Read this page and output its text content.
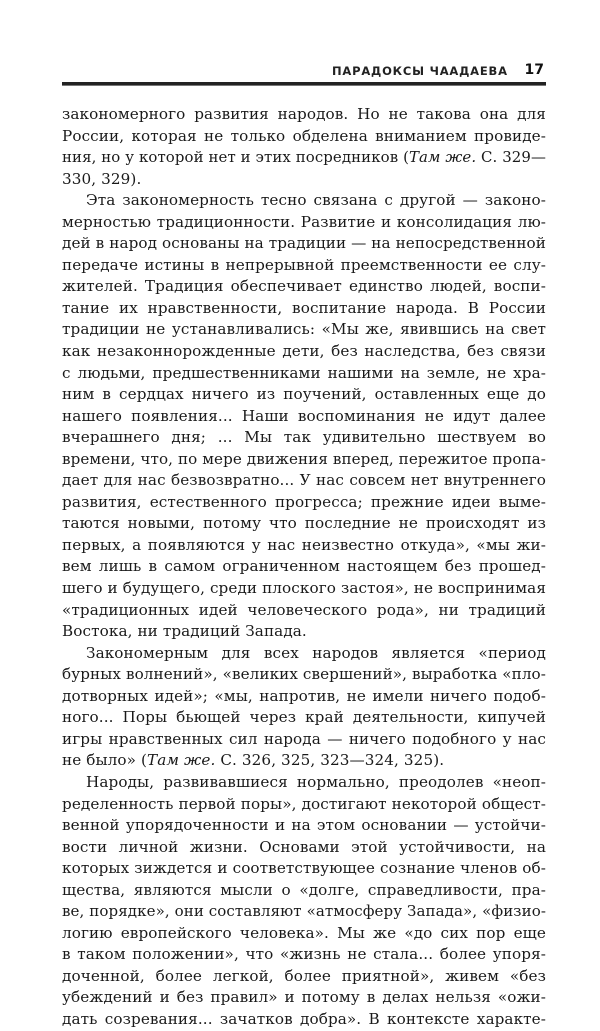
ПАРАДОКСЫ ЧААДАЕВА 17
закономерного развития народов. Но не такова она для
России, которая не только обделена вниманием провиде-
ния, но у которой нет и этих посредников (Там же. С. 329—
330, 329).
Эта закономерность тесно связана с другой — законо-
мерностью традиционности. Развитие и консолидация лю-
дей в народ основаны на традиции — на непосредственной
передаче истины в непрерывной преемственности ее слу-
жителей. Традиция обеспечивает единство людей, воспи-
тание их нравственности, воспитание народа. В России
традиции не устанавливались: «Мы же, явившись на свет
как незаконнорожденные дети, без наследства, без связи
с людьми, предшественниками нашими на земле, не хра-
ним в сердцах ничего из поучений, оставленных еще до
нашего появления... Наши воспоминания не идут далее
вчерашнего дня; ... Мы так удивительно шествуем во
времени, что, по мере движения вперед, пережитое пропа-
дает для нас безвозвратно... У нас совсем нет внутреннего
развития, естественного прогресса; прежние идеи выме-
таются новыми, потому что последние не происходят из
первых, а появляются у нас неизвестно откуда», «мы жи-
вем лишь в самом ограниченном настоящем без прошед-
шего и будущего, среди плоского застоя», не воспринимая
«традиционных идей человеческого рода», ни традиций
Востока, ни традиций Запада.
Закономерным для всех народов является «период
бурных волнений», «великих свершений», выработка «пло-
дотворных идей»; «мы, напротив, не имели ничего подоб-
ного... Поры бьющей через край деятельности, кипучей
игры нравственных сил народа — ничего подобного у нас
не было» (Там же. С. 326, 325, 323—324, 325).
Народы, развивавшиеся нормально, преодолев «неоп-
ределенность первой поры», достигают некоторой общест-
венной упорядоченности и на этом основании — устойчи-
вости личной жизни. Основами этой устойчивости, на
которых зиждется и соответствующее сознание членов об-
щества, являются мысли о «долге, справедливости, пра-
ве, порядке», они составляют «атмосферу Запада», «физио-
логию европейского человека». Мы же «до сих пор еще
в таком положении», что «жизнь не стала... более упоря-
доченной, более легкой, более приятной», живем «без
убеждений и без правил» и потому в делах нельзя «ожи-
дать созревания... зачатков добра». В контексте характе-
